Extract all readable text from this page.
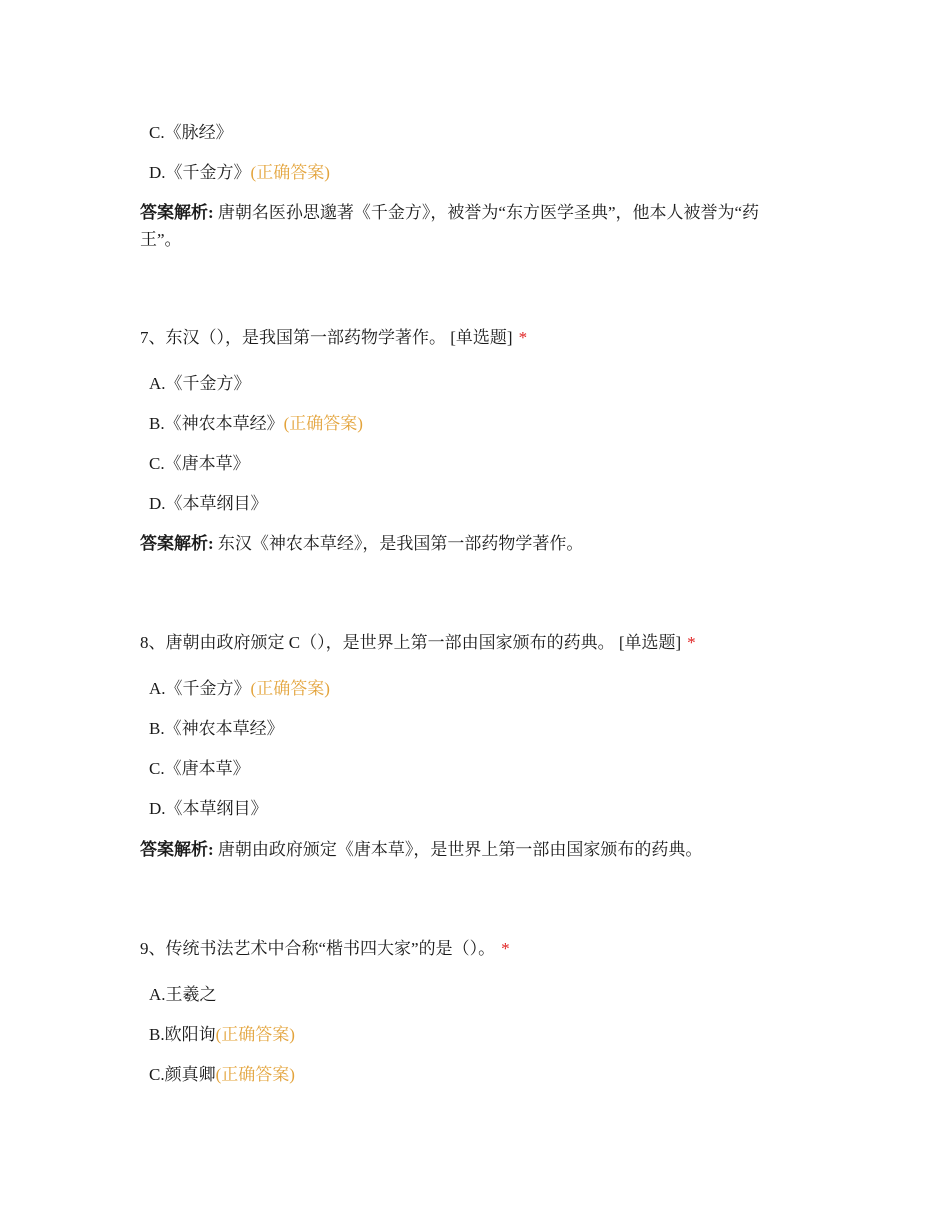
C.《脉经》
D.《千金方》(正确答案)
答案解析: 唐朝名医孙思邈著《千金方》，被誉为“东方医学圣典”，他本人被誉为“药王”。
7、东汉（），是我国第一部药物学著作。 [单选题] *
A.《千金方》
B.《神农本草经》(正确答案)
C.《唐本草》
D.《本草纲目》
答案解析: 东汉《神农本草经》，是我国第一部药物学著作。
8、唐朝由政府颁定 C（），是世界上第一部由国家颁布的药典。 [单选题] *
A.《千金方》(正确答案)
B.《神农本草经》
C.《唐本草》
D.《本草纲目》
答案解析: 唐朝由政府颁定《唐本草》，是世界上第一部由国家颁布的药典。
9、传统书法艺术中合称“楷书四大家”的是（）。 *
A.王羲之
B.欧阳询(正确答案)
C.颜真卿(正确答案)
